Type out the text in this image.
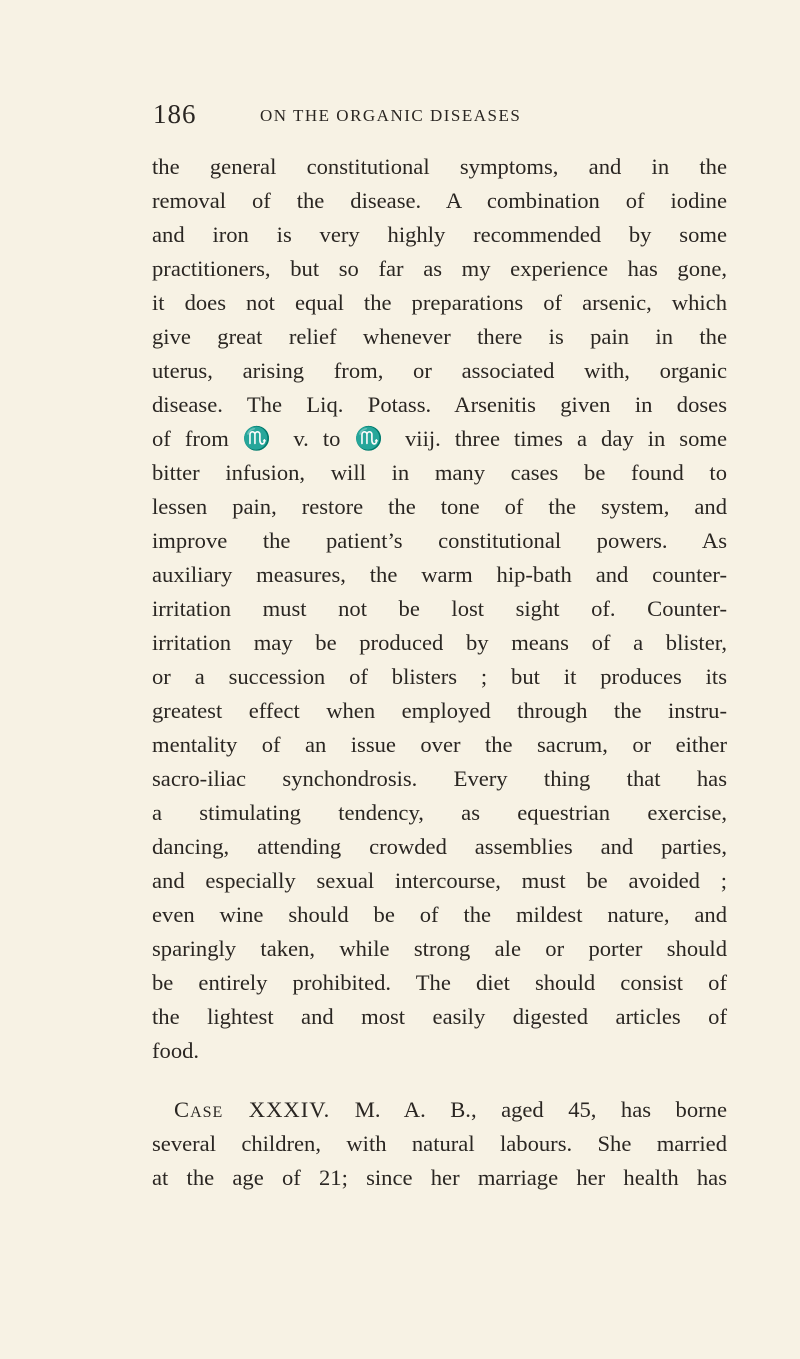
186	ON THE ORGANIC DISEASES
the general constitutional symptoms, and in the
removal of the disease. A combination of iodine
and iron is very highly recommended by some
practitioners, but so far as my experience has gone,
it does not equal the preparations of arsenic, which
give great relief whenever there is pain in the
uterus, arising from, or associated with, organic
disease. The Liq. Potass. Arsenitis given in doses
of from ♏ v. to ♏ viij. three times a day in some
bitter infusion, will in many cases be found to
lessen pain, restore the tone of the system, and
improve the patient’s constitutional powers. As
auxiliary measures, the warm hip-bath and counter-
irritation must not be lost sight of. Counter-
irritation may be produced by means of a blister,
or a succession of blisters ; but it produces its
greatest effect when employed through the instru-
mentality of an issue over the sacrum, or either
sacro-iliac synchondrosis. Every thing that has
a stimulating tendency, as equestrian exercise,
dancing, attending crowded assemblies and parties,
and especially sexual intercourse, must be avoided ;
even wine should be of the mildest nature, and
sparingly taken, while strong ale or porter should
be entirely prohibited. The diet should consist of
the lightest and most easily digested articles of
food.
Case XXXIV. M. A. B., aged 45, has borne
several children, with natural labours. She married
at the age of 21; since her marriage her health has
